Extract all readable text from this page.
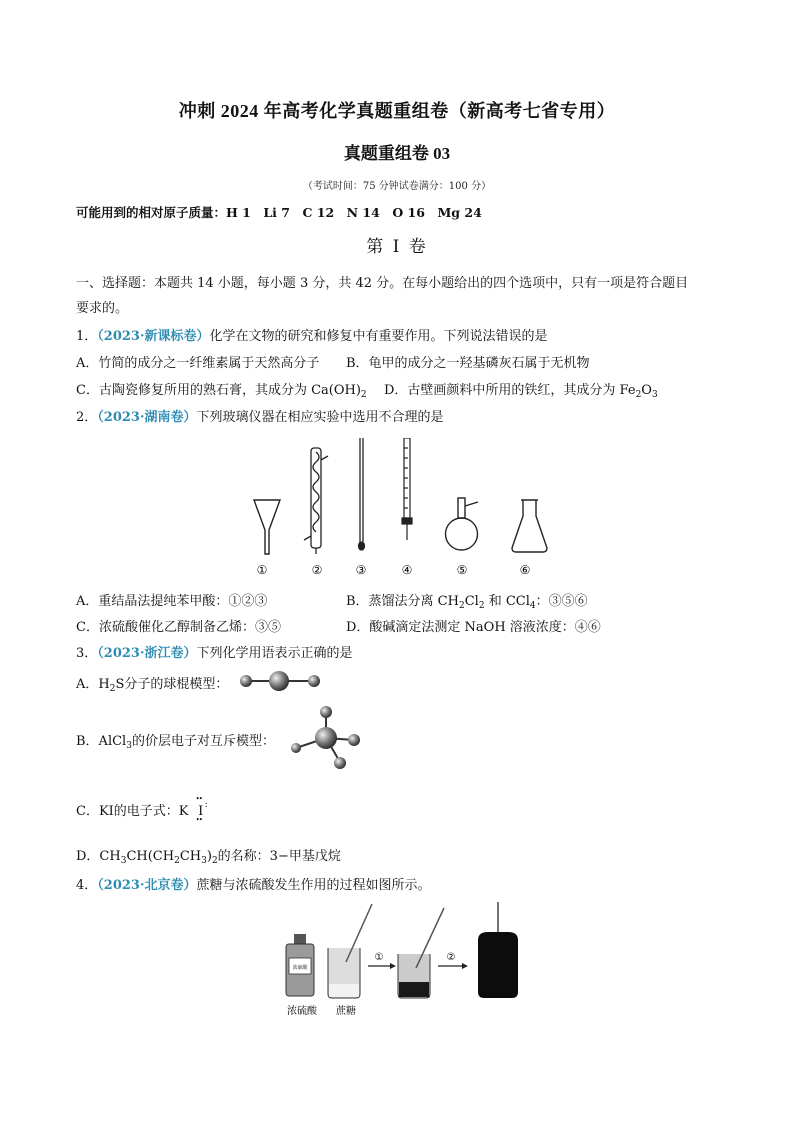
冲刺 2024 年高考化学真题重组卷（新高考七省专用）
真题重组卷 03
（考试时间：75 分钟试卷满分：100 分）
可能用到的相对原子质量：H 1　Li 7　C 12　N 14　O 16　Mg 24
第 I 卷
一、选择题：本题共 14 小题，每小题 3 分，共 42 分。在每小题给出的四个选项中，只有一项是符合题目
要求的。
1．（2023·新课标卷）化学在文物的研究和修复中有重要作用。下列说法错误的是
A．竹简的成分之一纤维素属于天然高分子 B．龟甲的成分之一羟基磷灰石属于无机物
C．古陶瓷修复所用的熟石膏，其成分为 $Ca(OH)_2$ D．古壁画颜料中所用的铁红，其成分为 $Fe_2O_3$
2．（2023·湖南卷）下列玻璃仪器在相应实验中选用不合理的是
①	②	③	④	⑤	⑥
A．重结晶法提纯苯甲酸：①②③	B．蒸馏法分离 $CH_2Cl_2$ 和 CCl$_4$：③⑤⑥
C．浓硫酸催化乙醇制备乙烯：③⑤	D．酸碱滴定法测定 NaOH 溶液浓度：④⑥
3．（2023·浙江卷）下列化学用语表示正确的是
A．$H_2S$分子的球棍模型：
B．AlCl$_3$的价层电子对互斥模型：
C．KI的电子式：K
••
I
••
:
D．$CH_3CH(CH_2CH_3)_2$的名称：3−甲基戊烷
4．（2023·北京卷）蔗糖与浓硫酸发生作用的过程如图所示。
浓硫酸
①	②
浓硫酸 蔗糖
